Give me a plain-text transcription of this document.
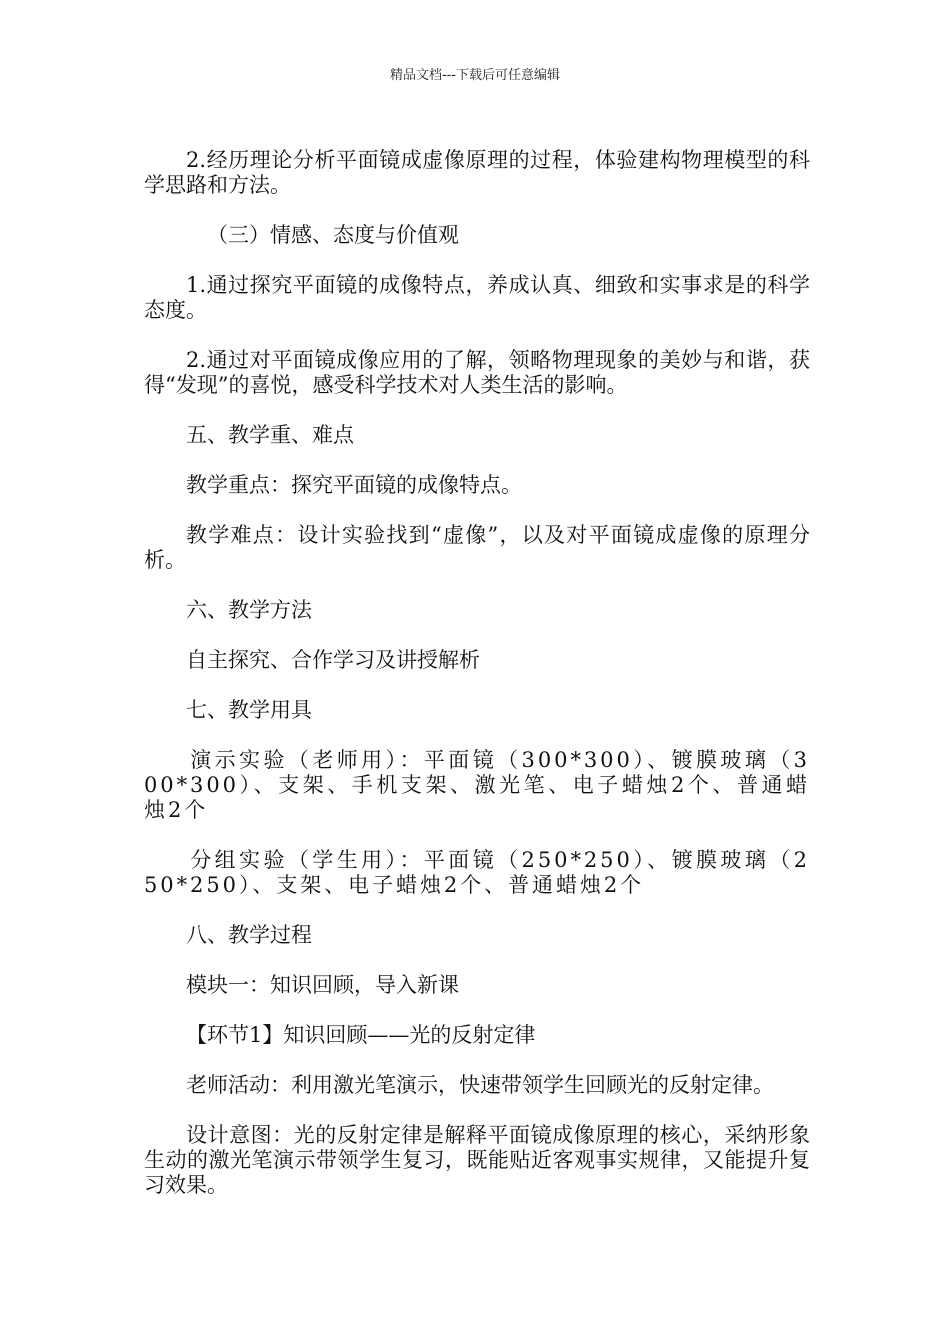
精品文档---下载后可任意编辑

2.经历理论分析平面镜成虚像原理的过程，体验建构物理模型的科学思路和方法。

（三）情感、态度与价值观

1.通过探究平面镜的成像特点，养成认真、细致和实事求是的科学态度。

2.通过对平面镜成像应用的了解，领略物理现象的美妙与和谐，获得“发现”的喜悦，感受科学技术对人类生活的影响。

五、教学重、难点

教学重点：探究平面镜的成像特点。

教学难点：设计实验找到“虚像”，以及对平面镜成虚像的原理分析。

六、教学方法

自主探究、合作学习及讲授解析

七、教学用具

演示实验（老师用）：平面镜（300*300）、镀膜玻璃（300*300）、支架、手机支架、激光笔、电子蜡烛2个、普通蜡烛2个

分组实验（学生用）：平面镜（250*250）、镀膜玻璃（250*250）、支架、电子蜡烛2个、普通蜡烛2个

八、教学过程

模块一：知识回顾，导入新课

【环节1】知识回顾——光的反射定律

老师活动：利用激光笔演示，快速带领学生回顾光的反射定律。

设计意图：光的反射定律是解释平面镜成像原理的核心，采纳形象生动的激光笔演示带领学生复习，既能贴近客观事实规律，又能提升复习效果。
